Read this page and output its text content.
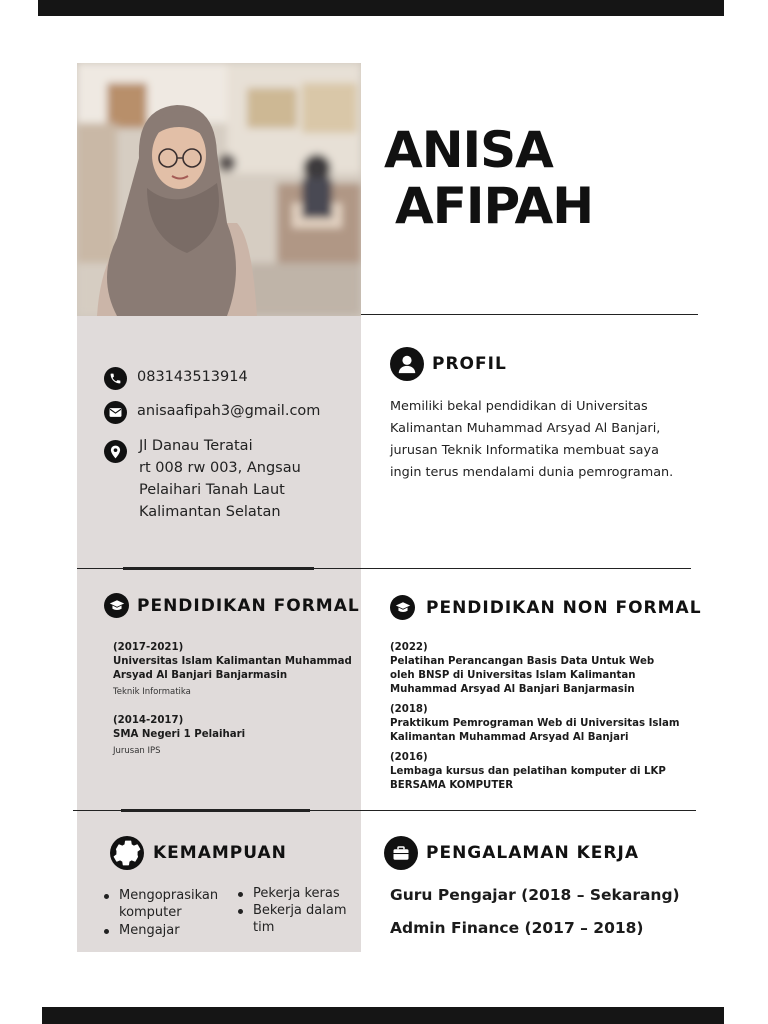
ANISA
AFIPAH
083143513914
anisaafipah3@gmail.com
Jl Danau Teratai
rt 008 rw 003, Angsau
Pelaihari Tanah Laut
Kalimantan Selatan
PROFIL
Memiliki bekal pendidikan di Universitas Kalimantan Muhammad Arsyad Al Banjari, jurusan Teknik Informatika membuat saya ingin terus mendalami dunia pemrograman.
PENDIDIKAN FORMAL
(2017-2021)
Universitas Islam Kalimantan Muhammad Arsyad Al Banjari Banjarmasin
Teknik Informatika
(2014-2017)
SMA Negeri 1 Pelaihari
Jurusan IPS
PENDIDIKAN NON FORMAL
(2022)
Pelatihan Perancangan Basis Data Untuk Web oleh BNSP di Universitas Islam Kalimantan Muhammad Arsyad Al Banjari Banjarmasin
(2018)
Praktikum Pemrograman Web di Universitas Islam Kalimantan Muhammad Arsyad Al Banjari
(2016)
Lembaga kursus dan pelatihan komputer di LKP BERSAMA KOMPUTER
KEMAMPUAN
Mengoprasikan komputer
Mengajar
Pekerja keras
Bekerja dalam tim
PENGALAMAN KERJA
Guru Pengajar (2018 – Sekarang)
Admin Finance (2017 – 2018)
